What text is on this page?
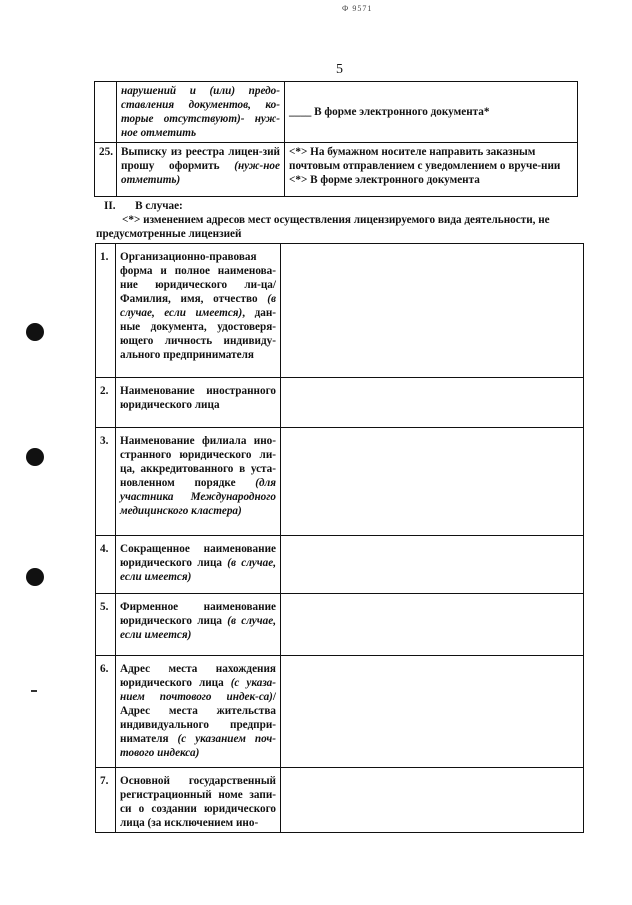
Ф 9571
5
	нарушений и (или) предо-ставления документов, ко-торые отсутствуют)- нуж-ное отметить	____ В форме электронного документа*
25.	Выписку из реестра лицен-зий прошу оформить (нуж-ное отметить)	<*> На бумажном носителе направить заказным почтовым отправлением с уведомлением о вруче-нии
<*> В форме электронного документа
II. В случае:
<*> изменением адресов мест осуществления лицензируемого вида деятельности, не предусмотренные лицензией
1.	Организационно-правовая форма и полное наименова-ние юридического ли-ца/Фамилия, имя, отчество (в случае, если имеется), дан-ные документа, удостоверя-ющего личность индивиду-ального предпринимателя	
2.	Наименование иностранного юридического лица	
3.	Наименование филиала ино-странного юридического ли-ца, аккредитованного в уста-новленном порядке (для участника Международного медицинского кластера)	
4.	Сокращенное наименование юридического лица (в случае, если имеется)	
5.	Фирменное наименование юридического лица (в случае, если имеется)	
6.	Адрес места нахождения юридического лица (с указа-нием почтового индек-са)/Адрес места жительства индивидуального предпри-нимателя (с указанием поч-тового индекса)	
7.	Основной государственный регистрационный номе запи-си о создании юридического лица (за исключением ино-	
